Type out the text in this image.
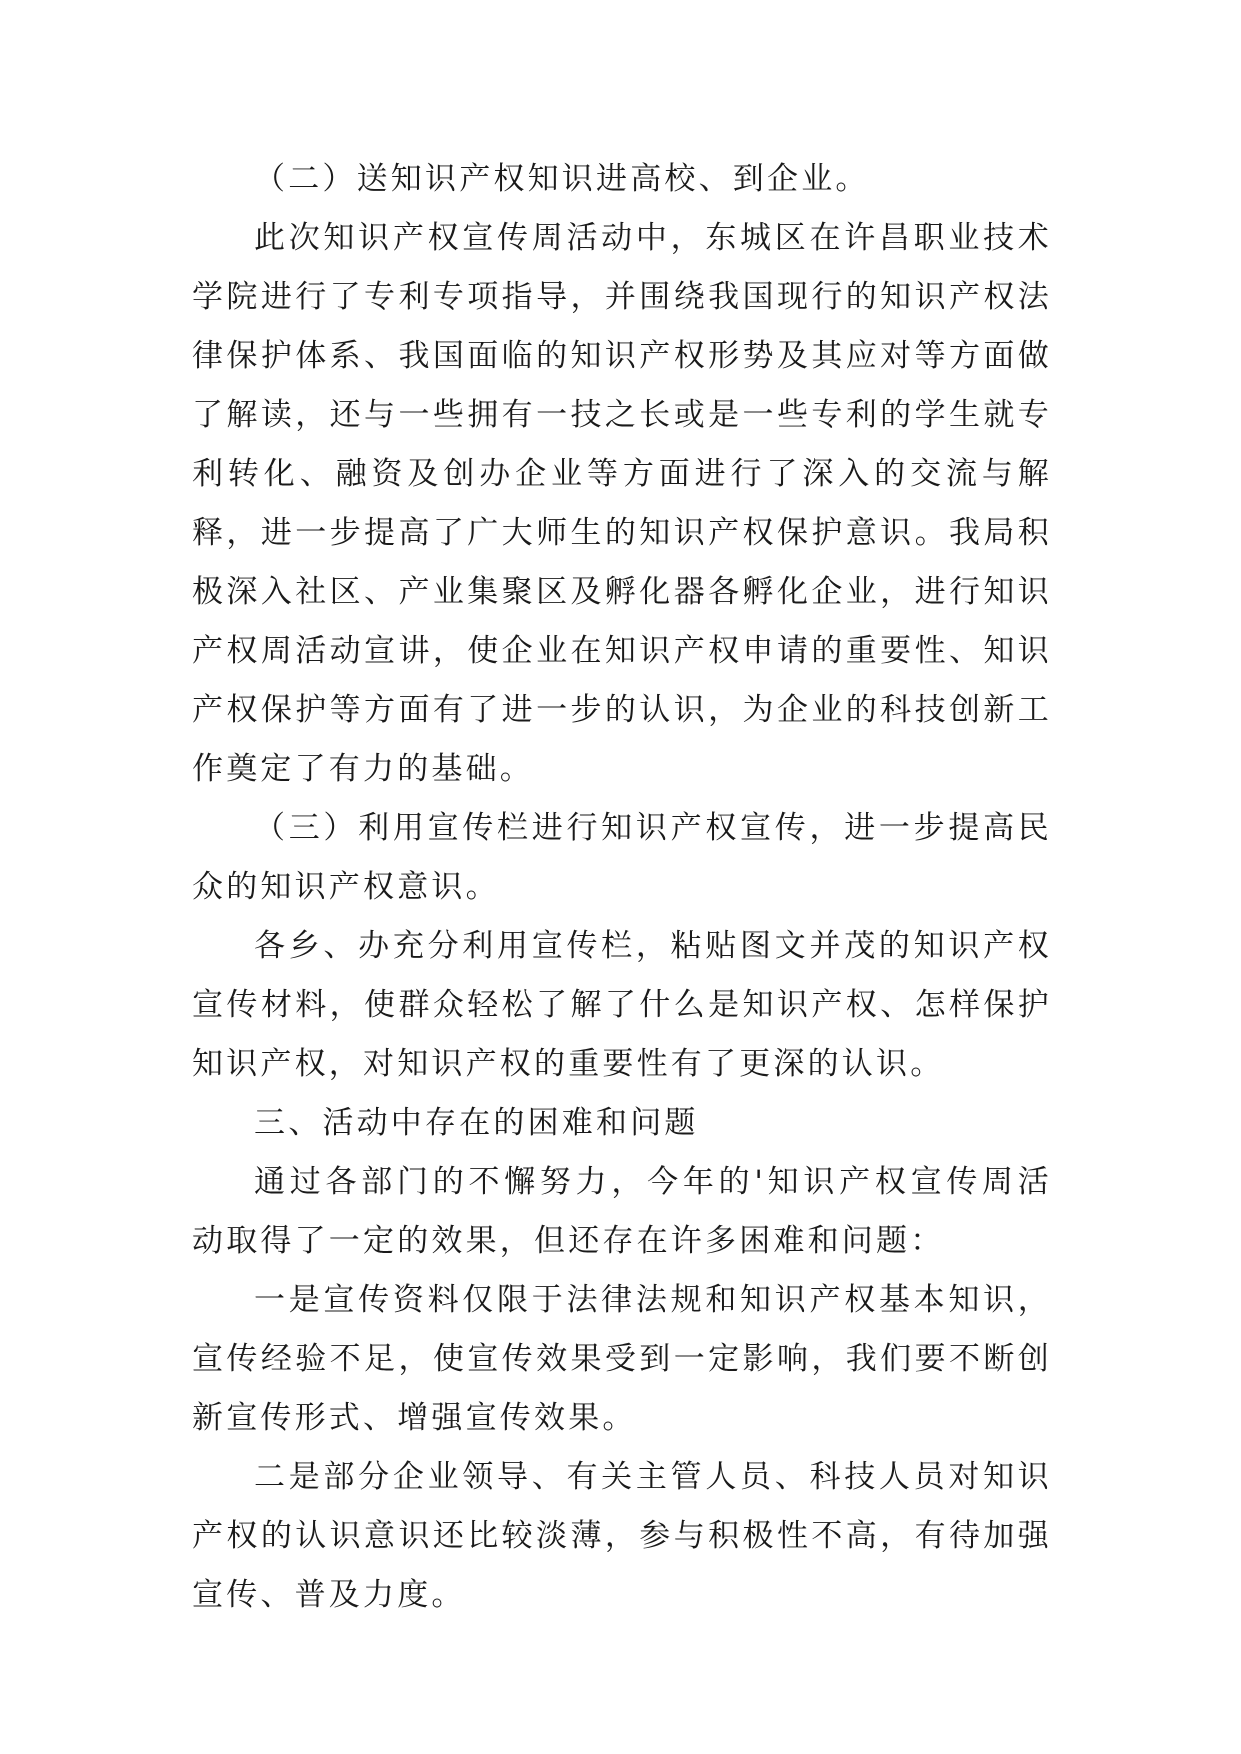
（二）送知识产权知识进高校、到企业。

此次知识产权宣传周活动中，东城区在许昌职业技术学院进行了专利专项指导，并围绕我国现行的知识产权法律保护体系、我国面临的知识产权形势及其应对等方面做了解读，还与一些拥有一技之长或是一些专利的学生就专利转化、融资及创办企业等方面进行了深入的交流与解释，进一步提高了广大师生的知识产权保护意识。我局积极深入社区、产业集聚区及孵化器各孵化企业，进行知识产权周活动宣讲，使企业在知识产权申请的重要性、知识产权保护等方面有了进一步的认识，为企业的科技创新工作奠定了有力的基础。

（三）利用宣传栏进行知识产权宣传，进一步提高民众的知识产权意识。

各乡、办充分利用宣传栏，粘贴图文并茂的知识产权宣传材料，使群众轻松了解了什么是知识产权、怎样保护知识产权，对知识产权的重要性有了更深的认识。

三、活动中存在的困难和问题

通过各部门的不懈努力，今年的'知识产权宣传周活动取得了一定的效果，但还存在许多困难和问题：

一是宣传资料仅限于法律法规和知识产权基本知识，宣传经验不足，使宣传效果受到一定影响，我们要不断创新宣传形式、增强宣传效果。

二是部分企业领导、有关主管人员、科技人员对知识产权的认识意识还比较淡薄，参与积极性不高，有待加强宣传、普及力度。
